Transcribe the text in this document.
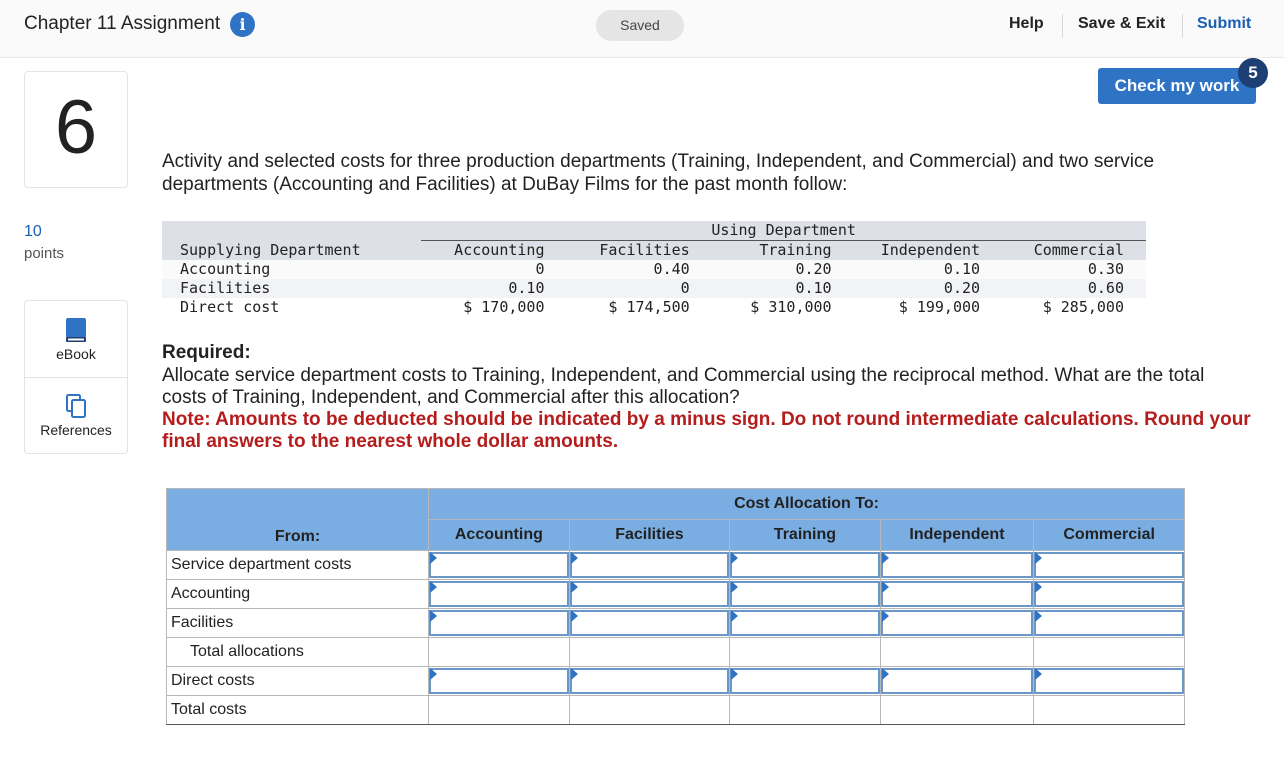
Chapter 11 Assignment	i	Saved	Help Save & Exit Submit
6
10
points
eBook
References
Check my work
5

Activity and selected costs for three production departments (Training, Independent, and Commercial) and two service departments (Accounting and Facilities) at DuBay Films for the past month follow:

	Using Department				
Supplying Department	Accounting	Facilities	Training	Independent	Commercial
Accounting	0	0.40	0.20	0.10	0.30
Facilities	0.10	0	0.10	0.20	0.60
Direct cost	$ 170,000	$ 174,500	$ 310,000	$ 199,000	$ 285,000
Required:

Allocate service department costs to Training, Independent, and Commercial using the reciprocal method. What are the total costs of Training, Independent, and Commercial after this allocation?

Note: Amounts to be deducted should be indicated by a minus sign. Do not round intermediate calculations. Round your final answers to the nearest whole dollar amounts.

From:	Cost Allocation To:				
	Accounting	Facilities	Training	Independent	Commercial
Service department costs	

Accounting	

Facilities	

Total allocations					
Direct costs	

Total costs					
